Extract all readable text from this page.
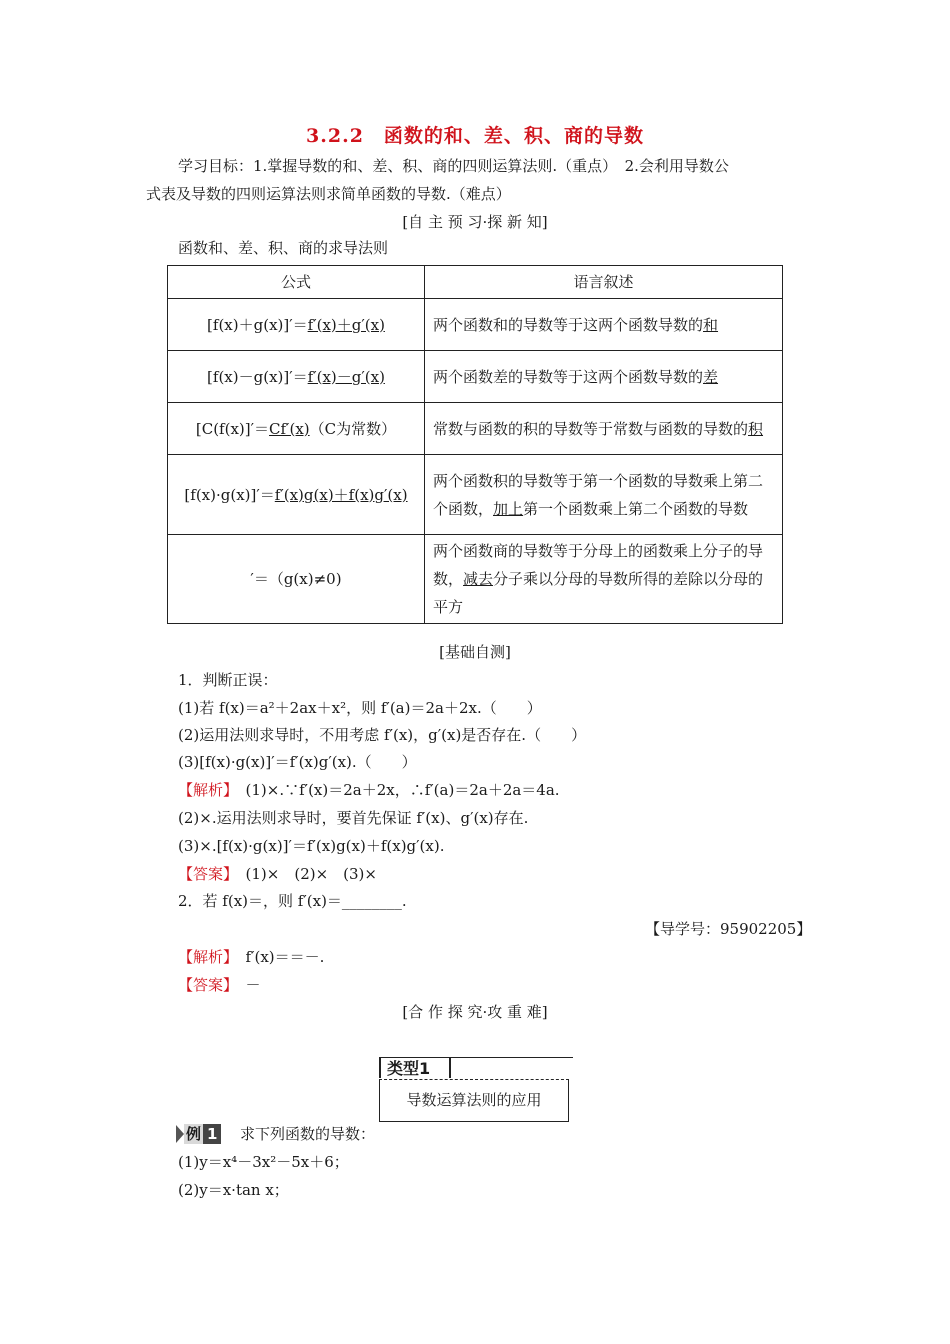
3.2.2　函数的和、差、积、商的导数
学习目标：1.掌握导数的和、差、积、商的四则运算法则.（重点）　2.会利用导数公
式表及导数的四则运算法则求简单函数的导数.（难点）
[自 主 预 习·探 新 知]
函数和、差、积、商的求导法则
公式	语言叙述
[f(x)＋g(x)]′＝f′(x)＋g′(x)	两个函数和的导数等于这两个函数导数的和
[f(x)－g(x)]′＝f′(x)－g′(x)	两个函数差的导数等于这两个函数导数的差
[C(f(x)]′＝Cf′(x)（C为常数）	常数与函数的积的导数等于常数与函数的导数的积
[f(x)·g(x)]′＝f′(x)g(x)＋f(x)g′(x)	两个函数积的导数等于第一个函数的导数乘上第二个函数，加上第一个函数乘上第二个函数的导数
′＝（g(x)≠0)	两个函数商的导数等于分母上的函数乘上分子的导数，减去分子乘以分母的导数所得的差除以分母的平方
[基础自测]
1．判断正误：
(1)若 f(x)＝a²＋2ax＋x²，则 f′(a)＝2a＋2x.（　　）
(2)运用法则求导时，不用考虑 f′(x)，g′(x)是否存在.（　　）
(3)[f(x)·g(x)]′＝f′(x)g′(x).（　　）
【解析】　 (1)×.∵f′(x)＝2a＋2x，∴f′(a)＝2a＋2a＝4a.
(2)×.运用法则求导时，要首先保证 f′(x)、g′(x)存在.
(3)×.[f(x)·g(x)]′＝f′(x)g(x)＋f(x)g′(x).
【答案】　 (1)×　(2)×　(3)×
2．若 f(x)＝，则 f′(x)＝________.
【导学号：95902205】
【解析】　 f′(x)＝＝－.
【答案】　 －
[合 作 探 究·攻 重 难]
类型1
导数运算法则的应用
例 1 求下列函数的导数：
(1)y＝x⁴－3x²－5x＋6；
(2)y＝x·tan x；
